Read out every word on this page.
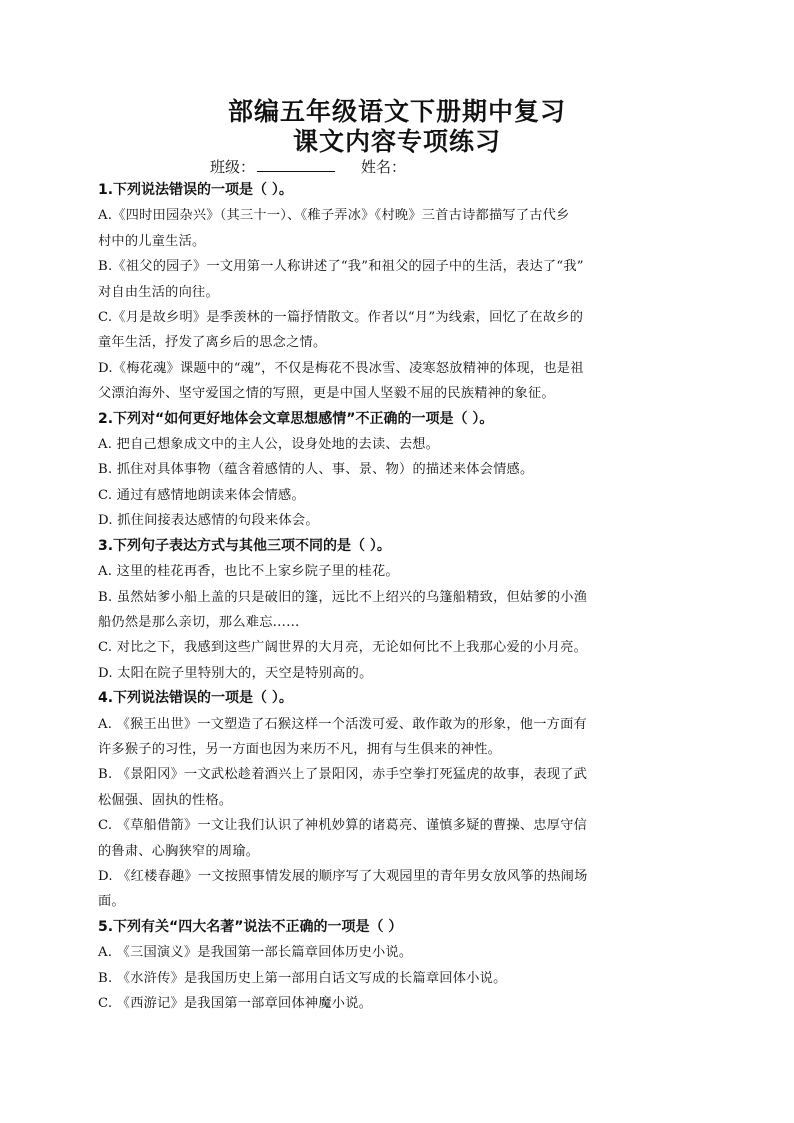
部编五年级语文下册期中复习
课文内容专项练习
班级：	姓名：
1.下列说法错误的一项是（ ）。
A.《四时田园杂兴》（其三十一）、《稚子弄冰》《村晚》三首古诗都描写了古代乡
村中的儿童生活。
B.《祖父的园子》一文用第一人称讲述了“我”和祖父的园子中的生活，表达了“我”
对自由生活的向往。
C.《月是故乡明》是季羡林的一篇抒情散文。作者以“月”为线索，回忆了在故乡的
童年生活，抒发了离乡后的思念之情。
D.《梅花魂》课题中的“魂”，不仅是梅花不畏冰雪、凌寒怒放精神的体现，也是祖
父漂泊海外、坚守爱国之情的写照，更是中国人坚毅不屈的民族精神的象征。
2.下列对“如何更好地体会文章思想感情”不正确的一项是（ ）。
A. 把自己想象成文中的主人公，设身处地的去读、去想。
B. 抓住对具体事物（蕴含着感情的人、事、景、物）的描述来体会情感。
C. 通过有感情地朗读来体会情感。
D. 抓住间接表达感情的句段来体会。
3.下列句子表达方式与其他三项不同的是（ ）。
A. 这里的桂花再香，也比不上家乡院子里的桂花。
B. 虽然姑爹小船上盖的只是破旧的篷，远比不上绍兴的乌篷船精致，但姑爹的小渔
船仍然是那么亲切，那么难忘……
C. 对比之下，我感到这些广阔世界的大月亮，无论如何比不上我那心爱的小月亮。
D. 太阳在院子里特别大的，天空是特别高的。
4.下列说法错误的一项是（ ）。
A. 《猴王出世》一文塑造了石猴这样一个活泼可爱、敢作敢为的形象，他一方面有
许多猴子的习性，另一方面也因为来历不凡，拥有与生俱来的神性。
B. 《景阳冈》一文武松趁着酒兴上了景阳冈，赤手空拳打死猛虎的故事，表现了武
松倔强、固执的性格。
C. 《草船借箭》一文让我们认识了神机妙算的诸葛亮、谨慎多疑的曹操、忠厚守信
的鲁肃、心胸狭窄的周瑜。
D. 《红楼春趣》一文按照事情发展的顺序写了大观园里的青年男女放风筝的热闹场
面。
5.下列有关“四大名著”说法不正确的一项是（ ）
A. 《三国演义》是我国第一部长篇章回体历史小说。
B. 《水浒传》是我国历史上第一部用白话文写成的长篇章回体小说。
C. 《西游记》是我国第一部章回体神魔小说。
